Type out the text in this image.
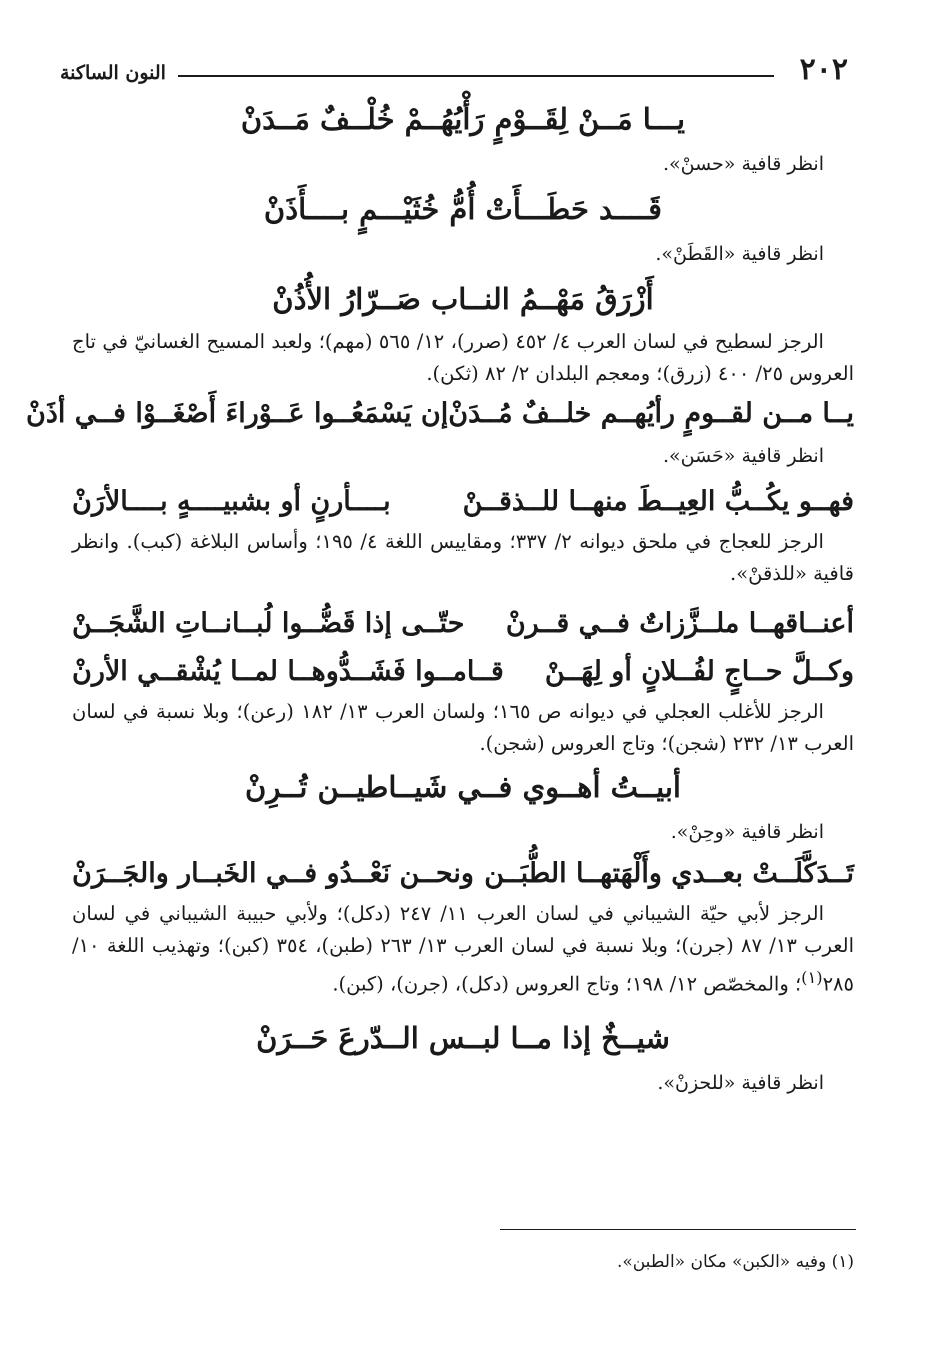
النون الساكنة	٢٠٢

يـــا مَــنْ لِقَــوْمٍ رَأْيُهُــمْ خُلْــفٌ مَــدَنْ

انظر قافية «حسنْ».

قَــــد حَطَـــأَتْ أُمُّ خُثَيْـــمٍ بــــأَذَنْ

انظر قافية «القَطَنْ».

أَزْرَقُ مَهْــمُ النــاب صَــرّارُ الأُذُنْ

الرجز لسطيح في لسان العرب ٤/ ٤٥٢ (صرر)، ١٢/ ٥٦٥ (مهم)؛ ولعبد المسيح الغسانيّ في تاج العروس ٢٥/ ٤٠٠ (زرق)؛ ومعجم البلدان ٢/ ٨٢ (ثكن).

يــا مــن لقــومٍ رأيُهــم خلــفٌ مُــدَنْ
إن يَسْمَعُــوا عَــوْراءَ أَصْغَــوْا فــي أذَنْ

انظر قافية «حَسَن».

فهــو يكُــبُّ العِيــطَ منهــا للــذقــنْ
بــــأرنٍ أو بشبيــــهٍ بــــالأرَنْ

الرجز للعجاج في ملحق ديوانه ٢/ ٣٣٧؛ ومقاييس اللغة ٤/ ١٩٥؛ وأساس البلاغة (كبب). وانظر قافية «للذقنْ».

أعنــاقهــا ملــزَّزاتٌ فــي قــرنْ
حتّــى إذا قَضُّــوا لُبــانــاتِ الشَّجَــنْ
وكــلَّ حــاجٍ لفُــلانٍ أو لِهَــنْ
قــامــوا فَشَــدُّوهــا لمــا يُشْقــي الأرنْ

الرجز للأغلب العجلي في ديوانه ص ١٦٥؛ ولسان العرب ١٣/ ١٨٢ (رعن)؛ وبلا نسبة في لسان العرب ١٣/ ٢٣٢ (شجن)؛ وتاج العروس (شجن).

أبيــتُ أهــوي فــي شَيــاطيــن تُــرِنْ

انظر قافية «وحِنْ».

تَــدَكَّلَــتْ بعــدي وأَلْهَتهــا الطُّبَــن
ونحــن نَعْــدُو فــي الخَبــار والجَــرَنْ

الرجز لأبي حيّة الشيباني في لسان العرب ١١/ ٢٤٧ (دكل)؛ ولأبي حبيبة الشيباني في لسان العرب ١٣/ ٨٧ (جرن)؛ وبلا نسبة في لسان العرب ١٣/ ٢٦٣ (طبن)، ٣٥٤ (كبن)؛ وتهذيب اللغة ١٠/ ٢٨٥$^{(١)}$؛ والمخصّص ١٢/ ١٩٨؛ وتاج العروس (دكل)، (جرن)، (كبن).

شيــخٌ إذا مــا لبــس الــدّرعَ حَــرَنْ

انظر قافية «للحزنْ».

(١) وفيه «الكبن» مكان «الطبن».
